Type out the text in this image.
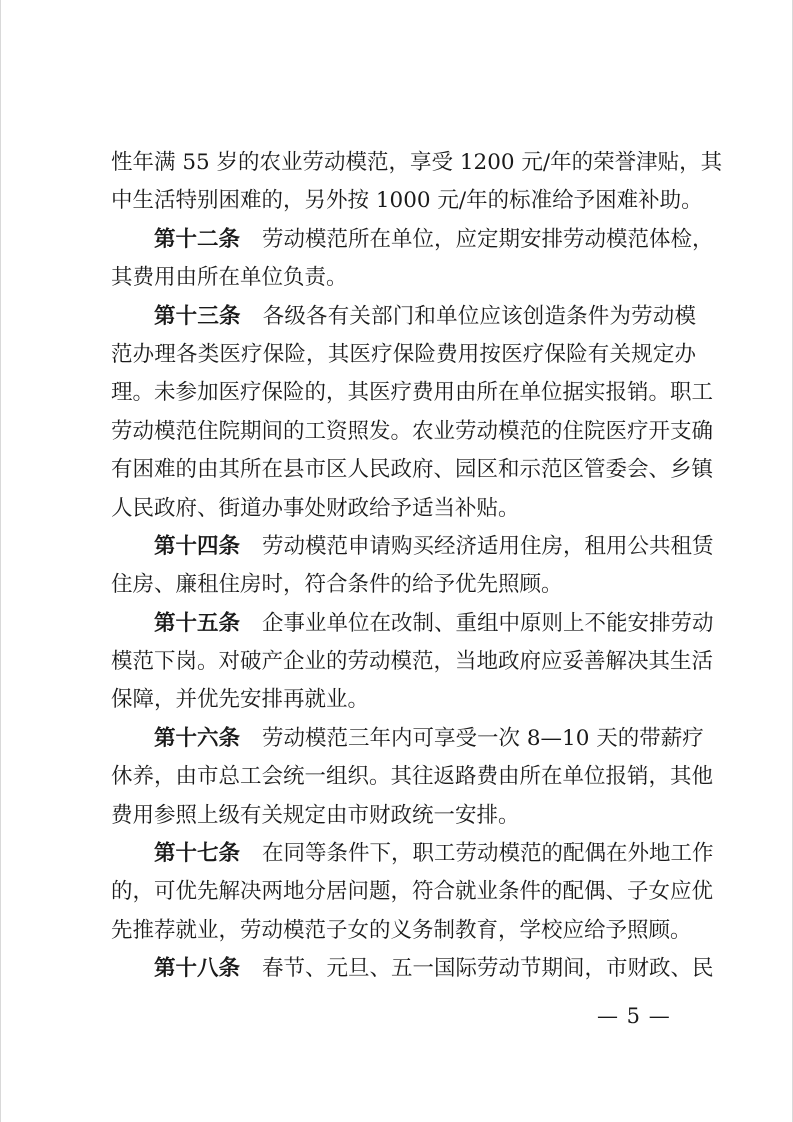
性年满 55 岁的农业劳动模范，享受 1200 元/年的荣誉津贴，其
中生活特别困难的，另外按 1000 元/年的标准给予困难补助。
第十二条 劳动模范所在单位，应定期安排劳动模范体检，
其费用由所在单位负责。
第十三条 各级各有关部门和单位应该创造条件为劳动模
范办理各类医疗保险，其医疗保险费用按医疗保险有关规定办
理。未参加医疗保险的，其医疗费用由所在单位据实报销。职工
劳动模范住院期间的工资照发。农业劳动模范的住院医疗开支确
有困难的由其所在县市区人民政府、园区和示范区管委会、乡镇
人民政府、街道办事处财政给予适当补贴。
第十四条 劳动模范申请购买经济适用住房，租用公共租赁
住房、廉租住房时，符合条件的给予优先照顾。
第十五条 企事业单位在改制、重组中原则上不能安排劳动
模范下岗。对破产企业的劳动模范，当地政府应妥善解决其生活
保障，并优先安排再就业。
第十六条 劳动模范三年内可享受一次 8—10 天的带薪疗
休养，由市总工会统一组织。其往返路费由所在单位报销，其他
费用参照上级有关规定由市财政统一安排。
第十七条 在同等条件下，职工劳动模范的配偶在外地工作
的，可优先解决两地分居问题，符合就业条件的配偶、子女应优
先推荐就业，劳动模范子女的义务制教育，学校应给予照顾。
第十八条 春节、元旦、五一国际劳动节期间，市财政、民
— 5 —
